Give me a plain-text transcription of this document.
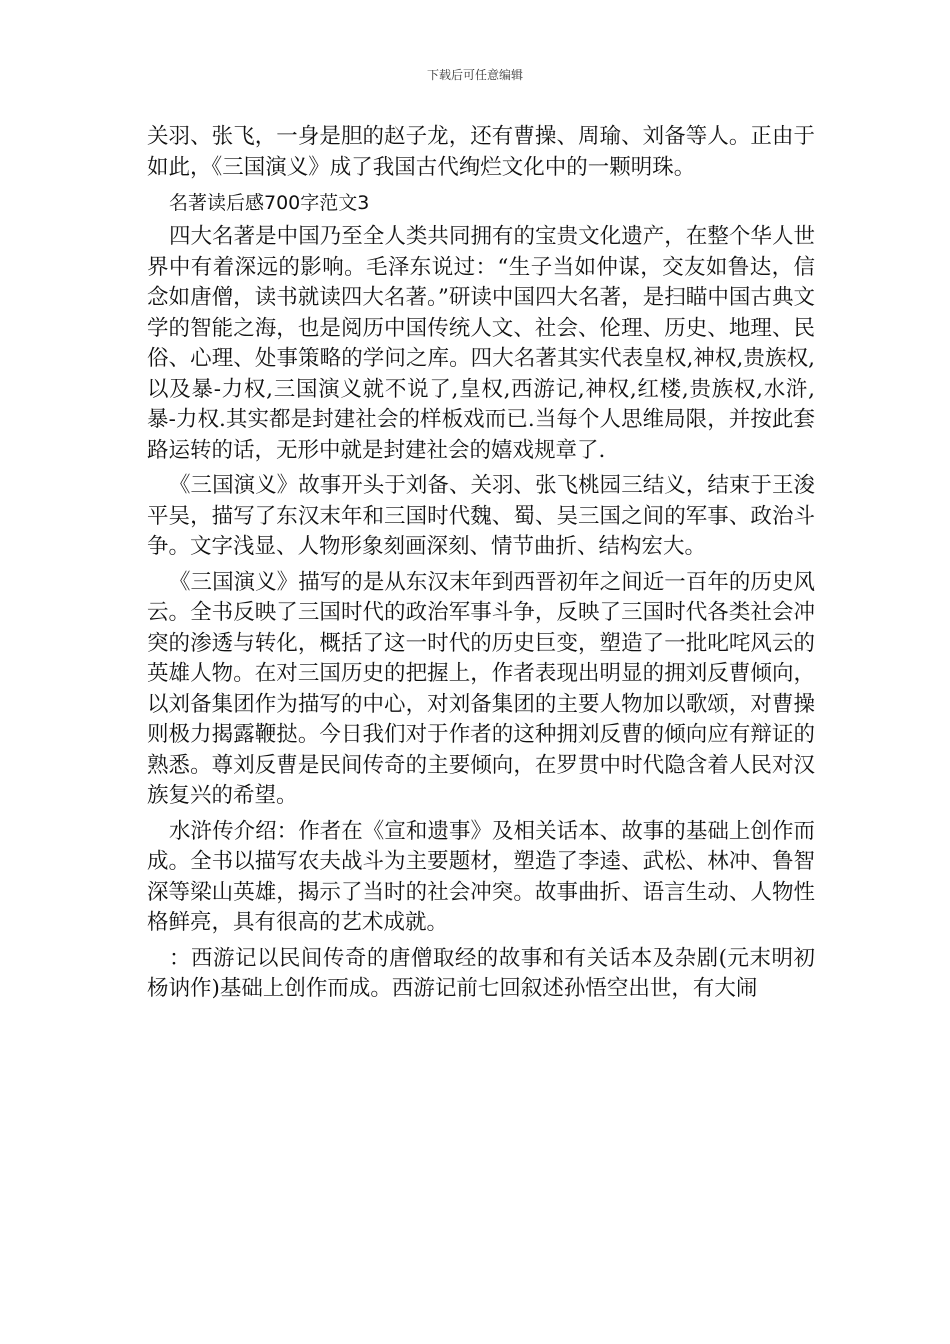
下载后可任意编辑

关羽、张飞，一身是胆的赵子龙，还有曹操、周瑜、刘备等人。正由于如此，《三国演义》成了我国古代绚烂文化中的一颗明珠。

名著读后感700字范文3

四大名著是中国乃至全人类共同拥有的宝贵文化遗产，在整个华人世界中有着深远的影响。毛泽东说过：“生子当如仲谋，交友如鲁达，信念如唐僧，读书就读四大名著。”研读中国四大名著，是扫瞄中国古典文学的智能之海，也是阅历中国传统人文、社会、伦理、历史、地理、民俗、心理、处事策略的学问之库。四大名著其实代表皇权,神权,贵族权,以及暴-力权,三国演义就不说了,皇权,西游记,神权,红楼,贵族权,水浒,暴-力权.其实都是封建社会的样板戏而已.当每个人思维局限，并按此套路运转的话，无形中就是封建社会的嬉戏规章了.

《三国演义》故事开头于刘备、关羽、张飞桃园三结义，结束于王浚平吴，描写了东汉末年和三国时代魏、蜀、吴三国之间的军事、政治斗争。文字浅显、人物形象刻画深刻、情节曲折、结构宏大。

《三国演义》描写的是从东汉末年到西晋初年之间近一百年的历史风云。全书反映了三国时代的政治军事斗争，反映了三国时代各类社会冲突的渗透与转化，概括了这一时代的历史巨变，塑造了一批叱咤风云的英雄人物。在对三国历史的把握上，作者表现出明显的拥刘反曹倾向，以刘备集团作为描写的中心，对刘备集团的主要人物加以歌颂，对曹操则极力揭露鞭挞。今日我们对于作者的这种拥刘反曹的倾向应有辩证的熟悉。尊刘反曹是民间传奇的主要倾向，在罗贯中时代隐含着人民对汉族复兴的希望。

水浒传介绍：作者在《宣和遗事》及相关话本、故事的基础上创作而成。全书以描写农夫战斗为主要题材，塑造了李逵、武松、林冲、鲁智深等梁山英雄，揭示了当时的社会冲突。故事曲折、语言生动、人物性格鲜亮，具有很高的艺术成就。

：西游记以民间传奇的唐僧取经的故事和有关话本及杂剧(元末明初杨讷作)基础上创作而成。西游记前七回叙述孙悟空出世，有大闹
